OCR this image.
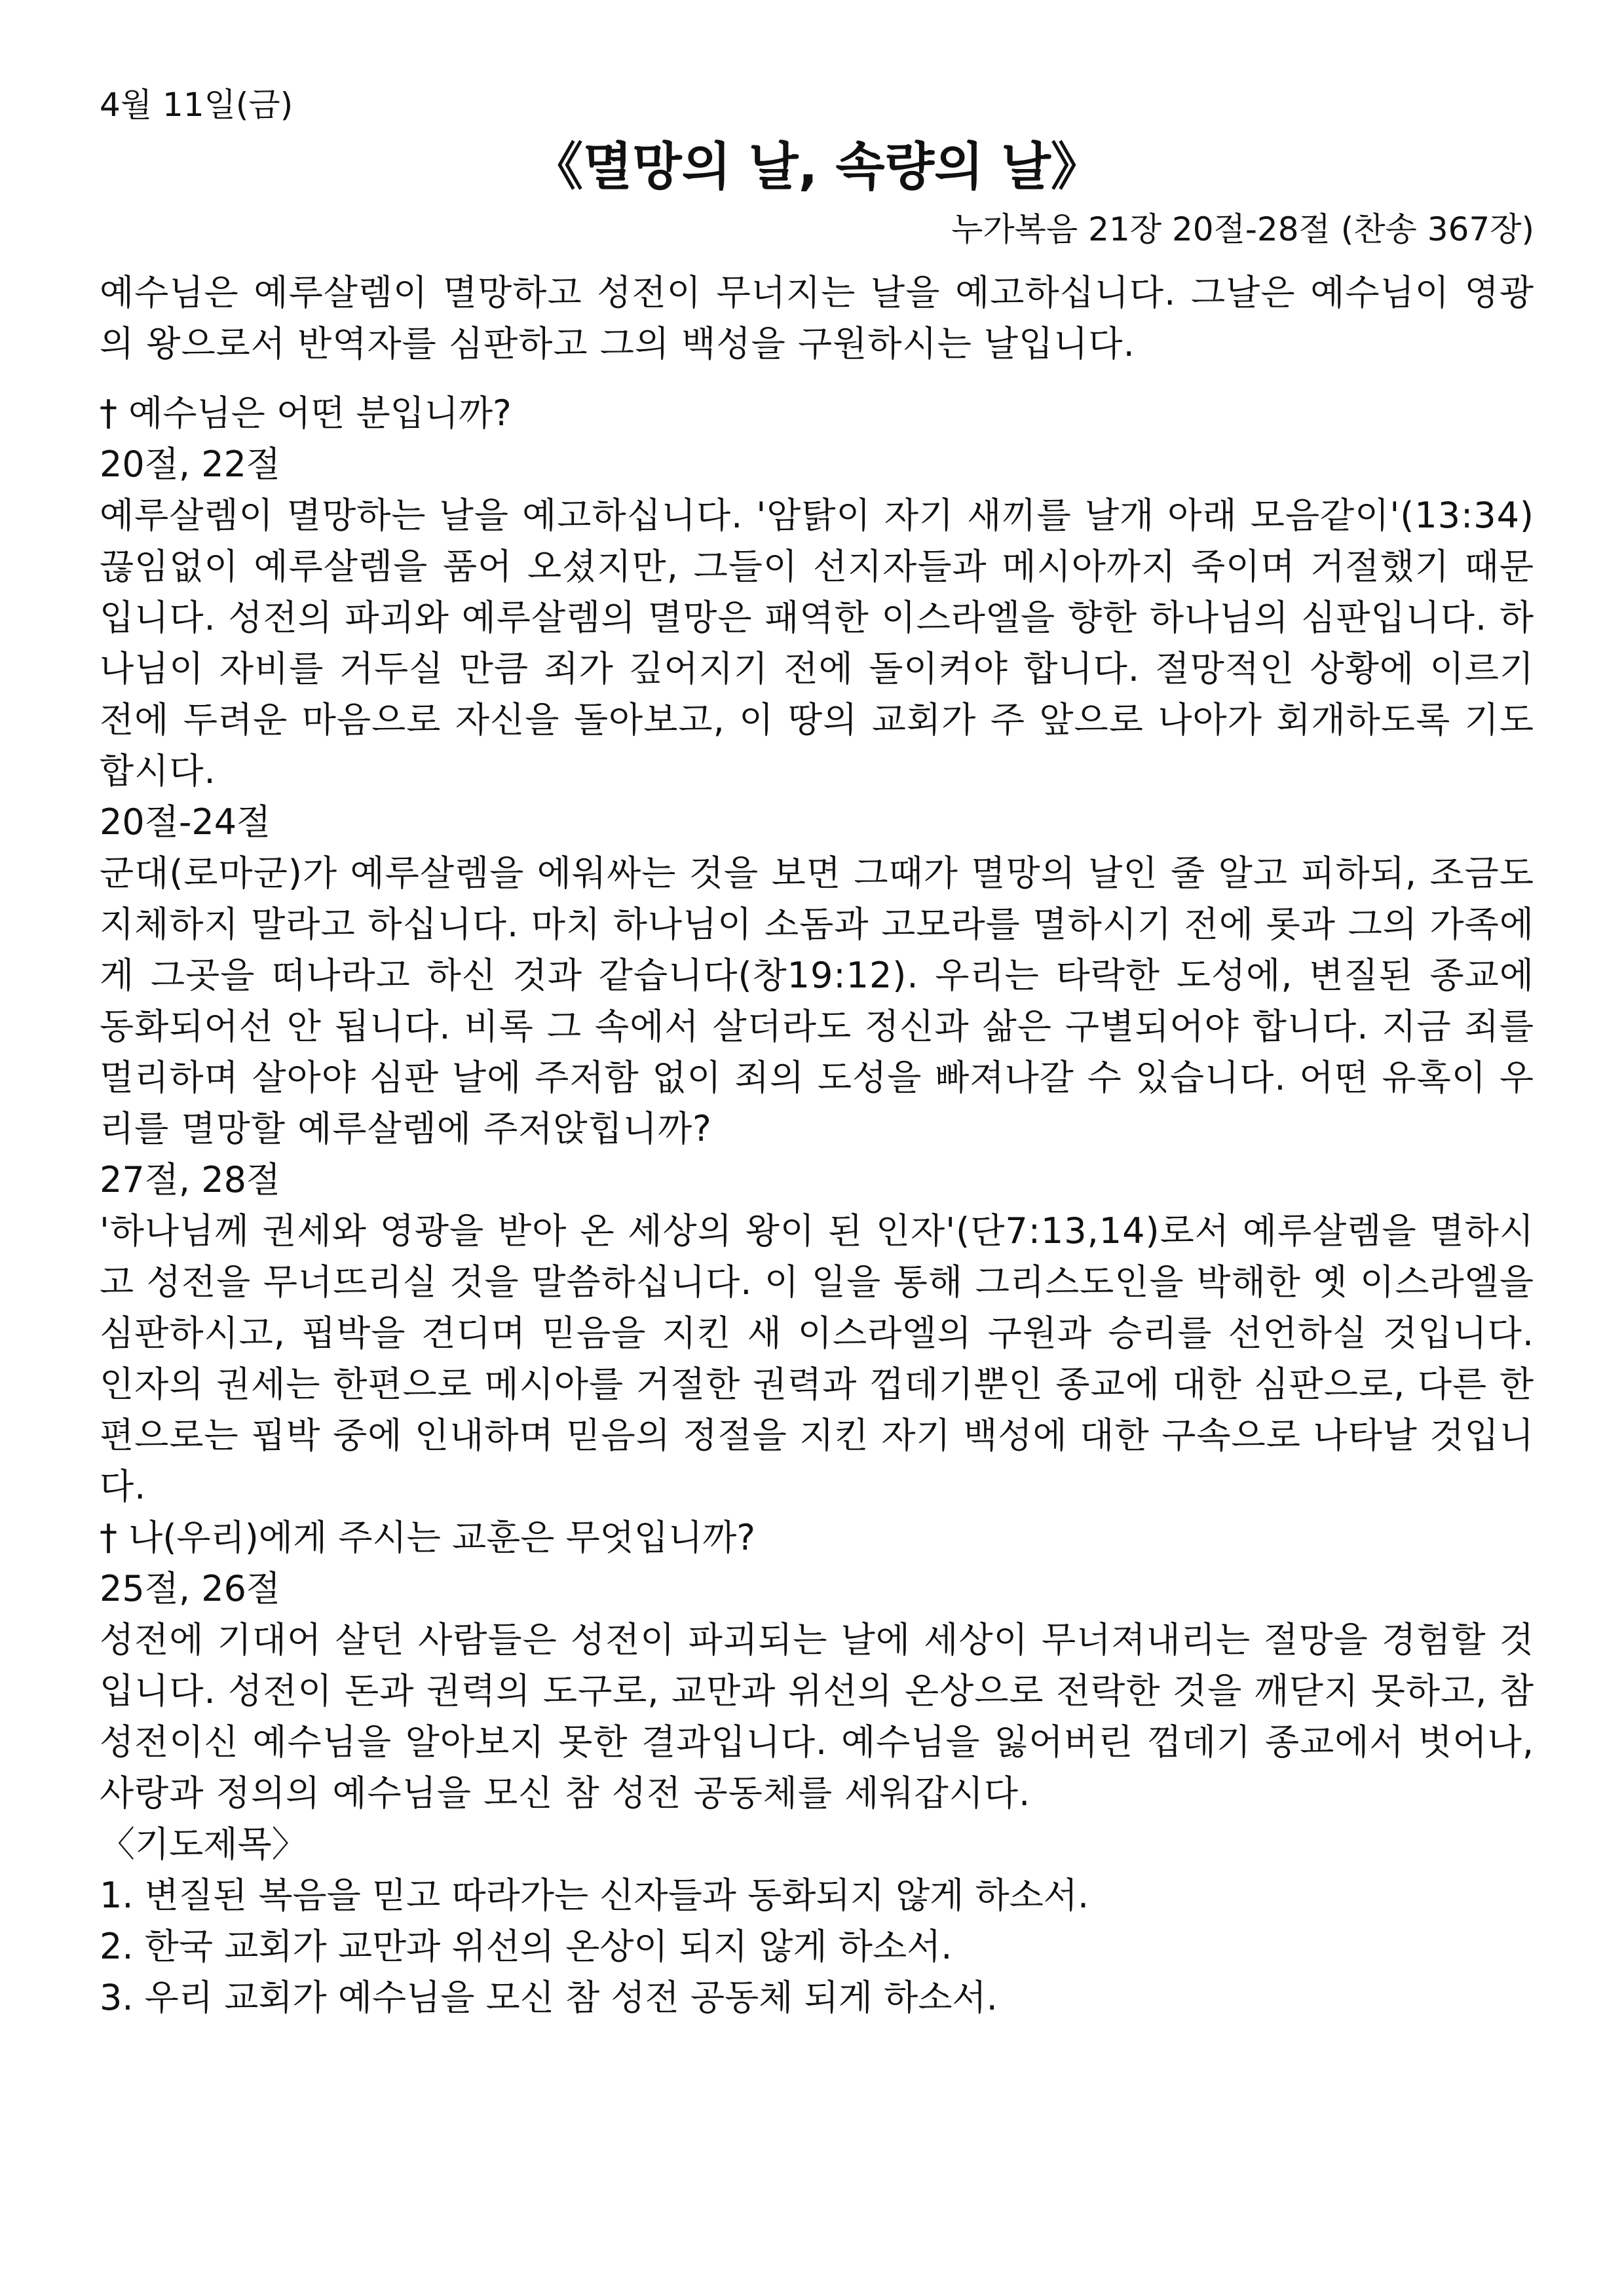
4월 11일(금)
《멸망의 날, 속량의 날》
누가복음 21장 20절-28절 (찬송 367장)

예수님은 예루살렘이 멸망하고 성전이 무너지는 날을 예고하십니다. 그날은 예수님이 영광의 왕으로서 반역자를 심판하고 그의 백성을 구원하시는 날입니다.

† 예수님은 어떤 분입니까?
20절, 22절

예루살렘이 멸망하는 날을 예고하십니다. '암탉이 자기 새끼를 날개 아래 모음같이'(13:34) 끊임없이 예루살렘을 품어 오셨지만, 그들이 선지자들과 메시아까지 죽이며 거절했기 때문입니다. 성전의 파괴와 예루살렘의 멸망은 패역한 이스라엘을 향한 하나님의 심판입니다. 하나님이 자비를 거두실 만큼 죄가 깊어지기 전에 돌이켜야 합니다. 절망적인 상황에 이르기 전에 두려운 마음으로 자신을 돌아보고, 이 땅의 교회가 주 앞으로 나아가 회개하도록 기도합시다.

20절-24절

군대(로마군)가 예루살렘을 에워싸는 것을 보면 그때가 멸망의 날인 줄 알고 피하되, 조금도 지체하지 말라고 하십니다. 마치 하나님이 소돔과 고모라를 멸하시기 전에 롯과 그의 가족에게 그곳을 떠나라고 하신 것과 같습니다(창19:12). 우리는 타락한 도성에, 변질된 종교에 동화되어선 안 됩니다. 비록 그 속에서 살더라도 정신과 삶은 구별되어야 합니다. 지금 죄를 멀리하며 살아야 심판 날에 주저함 없이 죄의 도성을 빠져나갈 수 있습니다. 어떤 유혹이 우리를 멸망할 예루살렘에 주저앉힙니까?

27절, 28절

'하나님께 권세와 영광을 받아 온 세상의 왕이 된 인자'(단7:13,14)로서 예루살렘을 멸하시고 성전을 무너뜨리실 것을 말씀하십니다. 이 일을 통해 그리스도인을 박해한 옛 이스라엘을 심판하시고, 핍박을 견디며 믿음을 지킨 새 이스라엘의 구원과 승리를 선언하실 것입니다. 인자의 권세는 한편으로 메시아를 거절한 권력과 껍데기뿐인 종교에 대한 심판으로, 다른 한편으로는 핍박 중에 인내하며 믿음의 정절을 지킨 자기 백성에 대한 구속으로 나타날 것입니다.

† 나(우리)에게 주시는 교훈은 무엇입니까?
25절, 26절

성전에 기대어 살던 사람들은 성전이 파괴되는 날에 세상이 무너져내리는 절망을 경험할 것입니다. 성전이 돈과 권력의 도구로, 교만과 위선의 온상으로 전락한 것을 깨닫지 못하고, 참 성전이신 예수님을 알아보지 못한 결과입니다. 예수님을 잃어버린 껍데기 종교에서 벗어나, 사랑과 정의의 예수님을 모신 참 성전 공동체를 세워갑시다.

〈기도제목〉
1. 변질된 복음을 믿고 따라가는 신자들과 동화되지 않게 하소서.
2. 한국 교회가 교만과 위선의 온상이 되지 않게 하소서.
3. 우리 교회가 예수님을 모신 참 성전 공동체 되게 하소서.
